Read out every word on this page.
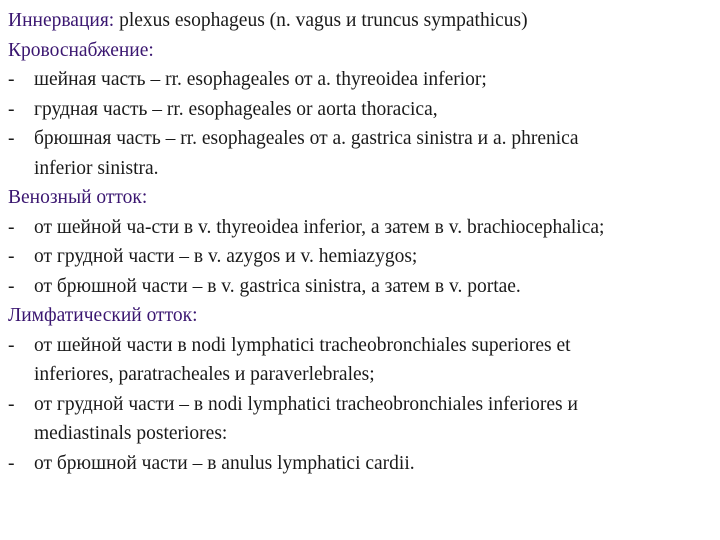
Иннервация: plexus esophageus (n. vagus и truncus sympathicus)
Кровоснабжение:
- шейная часть – rr. esophageales от a. thyreoidea inferior;
- грудная часть – rr. esophageales or aorta thoracica,
- брюшная часть – rr. esophageales от a. gastrica sinistra и a. phrenica
inferior sinistra.
Венозный отток:
- от шейной ча-сти в v. thyreoidea inferior, а затем в v. brachiocephalica;
- от грудной части – в v. azygos и v. hemiazygos;
- от брюшной части – в v. gastrica sinistra, а затем в v. portae.
Лимфатический отток:
- от шейной части в nodi lymphatici tracheobronchiales superiores et
inferiores, paratracheales и paraverlebrales;
- от грудной части – в nodi lymphatici tracheobronchiales inferiores и
mediastinals posteriores:
- от брюшной части – в anulus lymphatici cardii.
